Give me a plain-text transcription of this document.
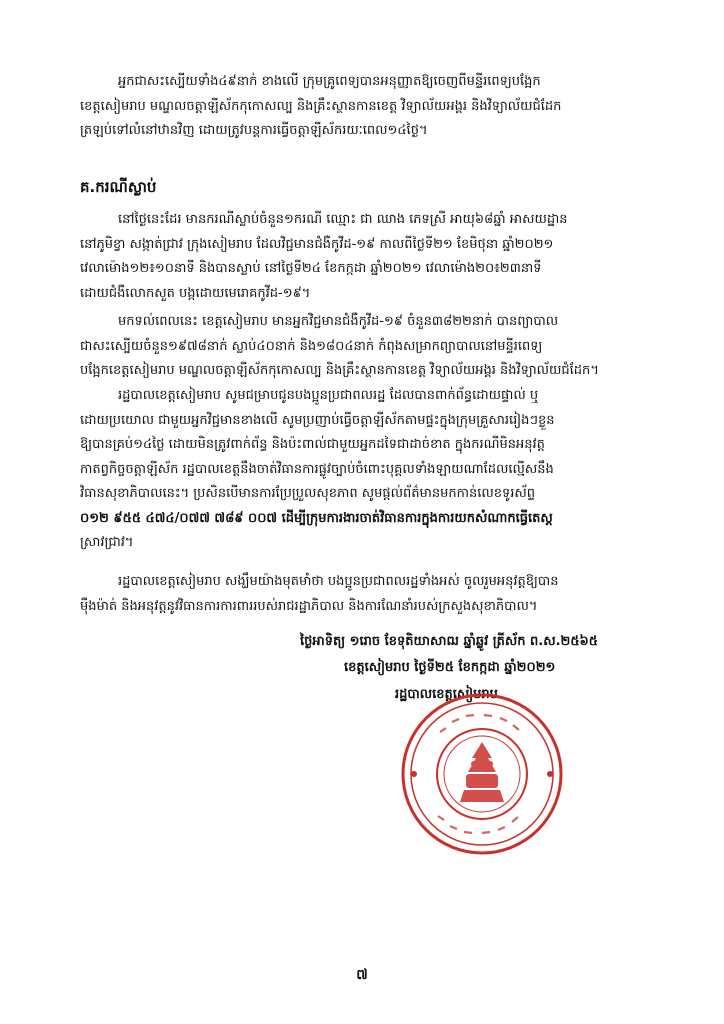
អ្នកជាសះស្បើយទាំង៤៩នាក់ ខាងលើ ក្រុមគ្រូពេទ្យបានអនុញ្ញាតឱ្យចេញពីមន្ទីរពេទ្យបង្អែក
ខេត្តសៀមរាប មណ្ឌលចត្តាឡីស័កកុកោសល្ប និងគ្រឹះស្ថានកានខេត្ត វិទ្យាល័យអង្គរ និងវិទ្យាល័យជំដែក
ត្រឡប់ទៅលំនៅឋានវិញ ដោយត្រូវបន្តការធ្វើចត្តាឡីស័ករយៈពេល១៤ថ្ងៃ។
គ.ករណីស្លាប់
នៅថ្ងៃនេះដែរ មានករណីស្លាប់ចំនួន១ករណី ឈ្មោះ ជា ឈាង ភេទស្រី អាយុ៦៨ឆ្នាំ អាសយដ្ឋាន
នៅភូមិខ្វា សង្កាត់ជ្រាវ ក្រុងសៀមរាប ដែលវិជ្ជមានជំងឺកូវីដ-១៩ កាលពីថ្ងៃទី២១ ខែមិថុនា ឆ្នាំ២០២១
វេលាម៉ោង១២៖១០នាទី និងបានស្លាប់ នៅថ្ងៃទី២៤ ខែកក្កដា ឆ្នាំ២០២១ វេលាម៉ោង២០៖២៣នាទី
ដោយជំងឺលោកសួត បង្កដោយមេរោគកូវីដ-១៩។
មកទល់ពេលនេះ ខេត្តសៀមរាប មានអ្នកវិជ្ជមានជំងឺកូវីដ-១៩ ចំនួន៣៨២២នាក់ បានព្យាបាល
ជាសះស្បើយចំនួន១៩៧៨នាក់ ស្លាប់៤០នាក់ និង១៨០៤នាក់ កំពុងសម្រាកព្យាបាលនៅមន្ទីរពេទ្យ
បង្អែកខេត្តសៀមរាប មណ្ឌលចត្តាឡីស័កកុកោសល្ប និងគ្រឹះស្ថានកានខេត្ត វិទ្យាល័យអង្គរ និងវិទ្យាល័យជំដែក។
រដ្ឋបាលខេត្តសៀមរាប សូមជម្រាបជូនបងប្អូនប្រជាពលរដ្ឋ ដែលបានពាក់ព័ន្ធដោយផ្ទាល់ ឬ
ដោយប្រយោល ជាមួយអ្នកវិជ្ជមានខាងលើ សូមប្រញាប់ធ្វើចត្តាឡីស័កតាមផ្ទះក្នុងក្រុមគ្រួសាររៀងៗខ្លួន
ឱ្យបានគ្រប់១៤ថ្ងៃ ដោយមិនត្រូវពាក់ព័ន្ធ និងប៉ះពាល់ជាមួយអ្នកដទៃជាដាច់ខាត ក្នុងករណីមិនអនុវត្ត
កាតព្វកិច្ចចត្តាឡីស័ក រដ្ឋបាលខេត្តនឹងចាត់វិធានការផ្លូវច្បាប់ចំពោះបុគ្គលទាំងឡាយណាដែលល្មើសនឹង
វិធានសុខាភិបាលនេះ។ ប្រសិនបើមានការប្រែប្រួលសុខភាព សូមផ្តល់ព័ត៌មានមកកាន់លេខទូរស័ព្ទ
០១២ ៩៥៥ ៤៧៤/០៧៧ ៧៨៩ ០០៧ ដើម្បីក្រុមការងារចាត់វិធានការក្នុងការយកសំណាកធ្វើតេស្ត
ស្រាវជ្រាវ។
រដ្ឋបាលខេត្តសៀមរាប សង្ឃឹមយ៉ាងមុតមាំថា បងប្អូនប្រជាពលរដ្ឋទាំងអស់ ចូលរួមអនុវត្តឱ្យបាន
ម៉ឺងម៉ាត់ និងអនុវត្តនូវវិធានការការពាររបស់រាជរដ្ឋាភិបាល និងការណែនាំរបស់ក្រសួងសុខាភិបាល។
ថ្ងៃអាទិត្យ ១រោច ខែទុតិយាសាឍ ឆ្នាំឆ្លូវ ត្រីស័ក ព.ស.២៥៦៥
ខេត្តសៀមរាប ថ្ងៃទី២៥ ខែកក្កដា ឆ្នាំ២០២១
រដ្ឋបាលខេត្តសៀមរាប
៧
